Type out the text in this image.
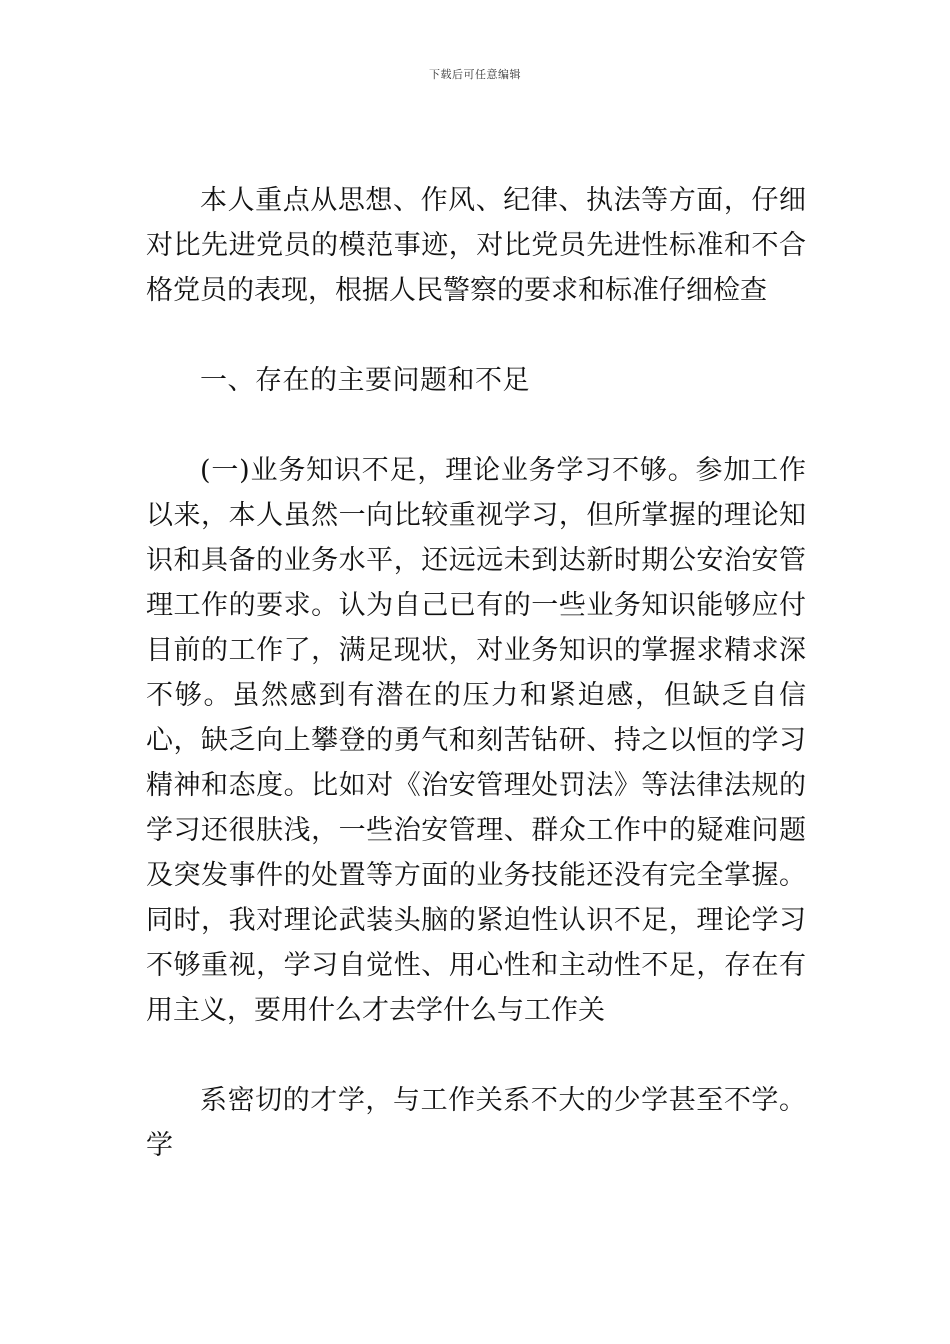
下载后可任意编辑

本人重点从思想、作风、纪律、执法等方面，仔细对比先进党员的模范事迹，对比党员先进性标准和不合格党员的表现，根据人民警察的要求和标准仔细检查

一、存在的主要问题和不足

(一)业务知识不足，理论业务学习不够。参加工作以来，本人虽然一向比较重视学习，但所掌握的理论知识和具备的业务水平，还远远未到达新时期公安治安管理工作的要求。认为自己已有的一些业务知识能够应付目前的工作了，满足现状，对业务知识的掌握求精求深不够。虽然感到有潜在的压力和紧迫感，但缺乏自信心，缺乏向上攀登的勇气和刻苦钻研、持之以恒的学习精神和态度。比如对《治安管理处罚法》等法律法规的学习还很肤浅，一些治安管理、群众工作中的疑难问题及突发事件的处置等方面的业务技能还没有完全掌握。同时，我对理论武装头脑的紧迫性认识不足，理论学习不够重视，学习自觉性、用心性和主动性不足，存在有用主义，要用什么才去学什么与工作关

系密切的才学，与工作关系不大的少学甚至不学。学
